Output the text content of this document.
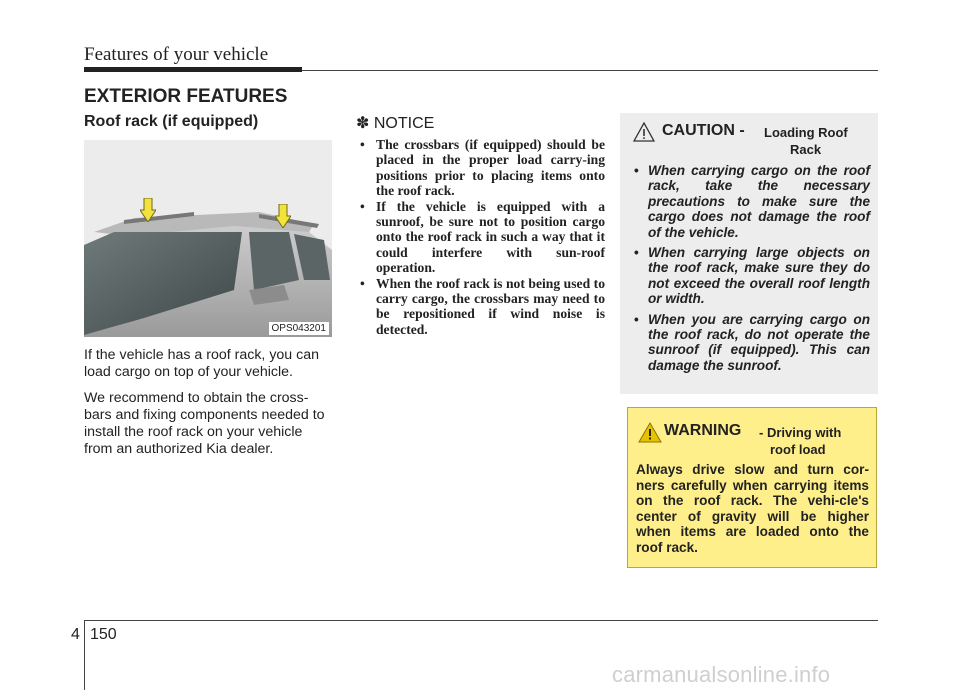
Features of your vehicle
EXTERIOR FEATURES
Roof rack (if equipped)
OPS043201
If the vehicle has a roof rack, you can load cargo on top of your vehicle.
We recommend to obtain the cross-bars and fixing components needed to install the roof rack on your vehicle from an authorized Kia dealer.
✽ NOTICE
• The crossbars (if equipped) should be placed in the proper load carry-ing positions prior to placing items onto the roof rack.
• If the vehicle is equipped with a sunroof, be sure not to position cargo onto the roof rack in such a way that it could interfere with sun-roof operation.
• When the roof rack is not being used to carry cargo, the crossbars may need to be repositioned if wind noise is detected.
CAUTION - Loading Roof
Rack
• When carrying cargo on the roof rack, take the necessary precautions to make sure the cargo does not damage the roof of the vehicle.
• When carrying large objects on the roof rack, make sure they do not exceed the overall roof length or width.
• When you are carrying cargo on the roof rack, do not operate the sunroof (if equipped). This can damage the sunroof.
WARNING - Driving with
roof load
Always drive slow and turn cor-ners carefully when carrying items on the roof rack. The vehi-cle's center of gravity will be higher when items are loaded onto the roof rack.
4 150
carmanualsonline.info
